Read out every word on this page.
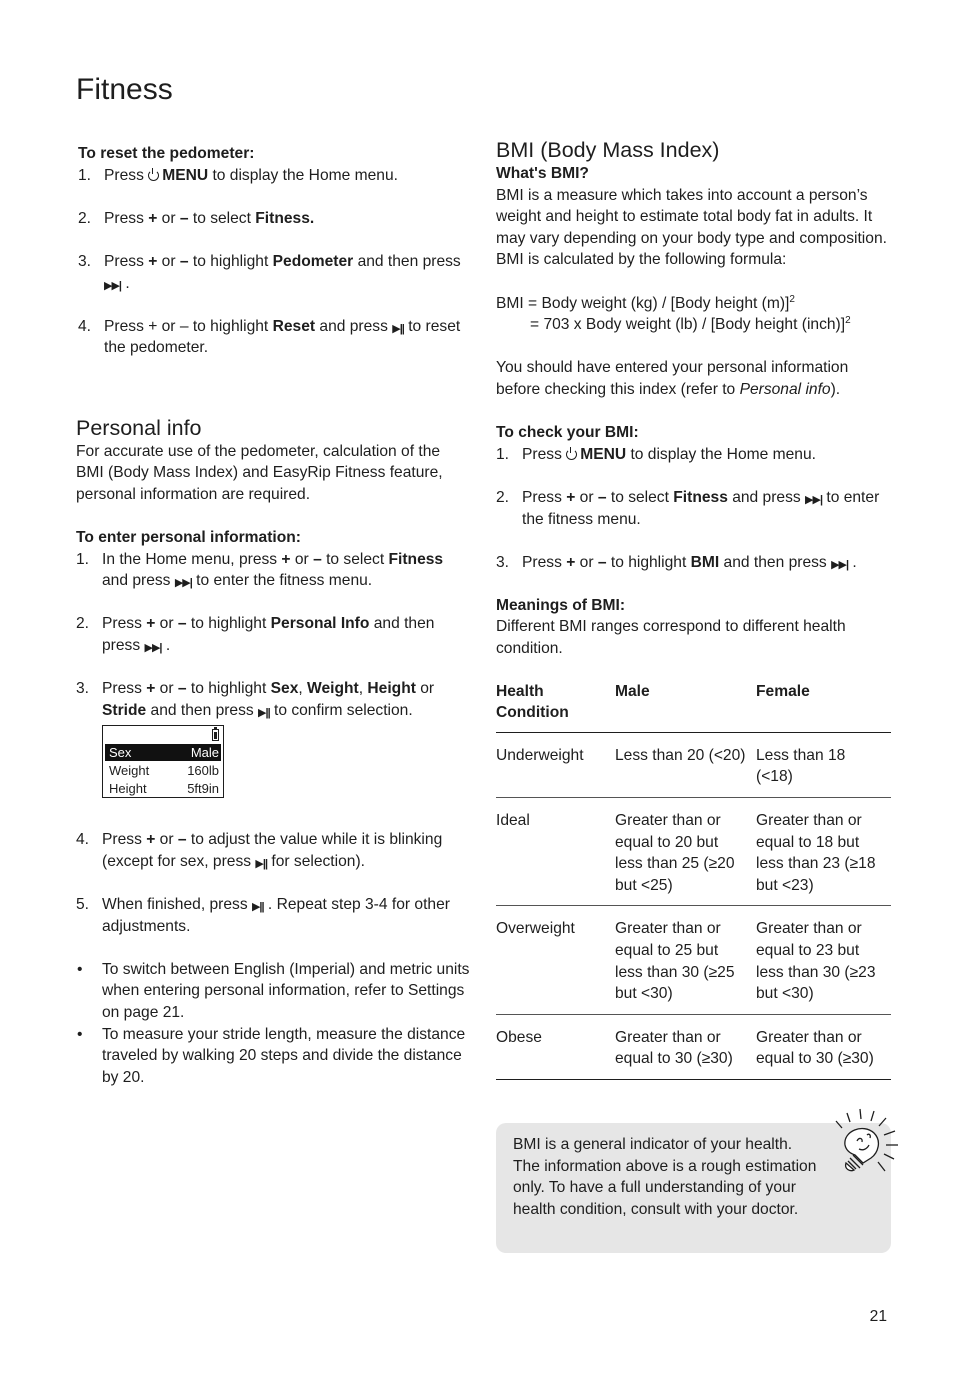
Fitness
To reset the pedometer:
1. Press MENU to display the Home menu.
2. Press + or – to select Fitness.
3. Press + or – to highlight Pedometer and then press ▶▶| .
4. Press + or – to highlight Reset and press ▶|| to reset the pedometer.
Personal info
For accurate use of the pedometer, calculation of the BMI (Body Mass Index) and EasyRip Fitness feature, personal information are required.
To enter personal information:
1. In the Home menu, press + or – to select Fitness and press ▶▶| to enter the fitness menu.
2. Press + or – to highlight Personal Info and then press ▶▶| .
3. Press + or – to highlight Sex, Weight, Height or Stride and then press ▶|| to confirm selection.
Sex	Male
Weight	160lb
Height	5ft9in
4. Press + or – to adjust the value while it is blinking (except for sex, press ▶|| for selection).
5. When finished, press ▶|| . Repeat step 3-4 for other adjustments.
•	To switch between English (Imperial) and metric units when entering personal information, refer to Settings on page 21.
•	To measure your stride length, measure the distance traveled by walking 20 steps and divide the distance by 20.
BMI (Body Mass Index)
What's BMI?
BMI is a measure which takes into account a person’s weight and height to estimate total body fat in adults. It may vary depending on your body type and composition. BMI is calculated by the following formula:
BMI = Body weight (kg) / [Body height (m)]$^2$
= 703 x Body weight (lb) / [Body height (inch)]$^2$
You should have entered your personal information before checking this index (refer to Personal info).
To check your BMI:
1. Press MENU to display the Home menu.
2. Press + or – to select Fitness and press ▶▶| to enter the fitness menu.
3. Press + or – to highlight BMI and then press ▶▶| .
Meanings of BMI:
Different BMI ranges correspond to different health condition.
Health Condition	Male	Female
Underweight	Less than 20 (<20)	Less than 18 (<18)
Ideal	Greater than or equal to 20 but less than 25 (≥20 but <25)	Greater than or equal to 18 but less than 23 (≥18 but <23)
Overweight	Greater than or equal to 25 but less than 30 (≥25 but <30)	Greater than or equal to 23 but less than 30 (≥23 but <30)
Obese	Greater than or equal to 30 (≥30)	Greater than or equal to 30 (≥30)
BMI is a general indicator of your health. The information above is a rough estimation only. To have a full understanding of your health condition, consult with your doctor.
21
